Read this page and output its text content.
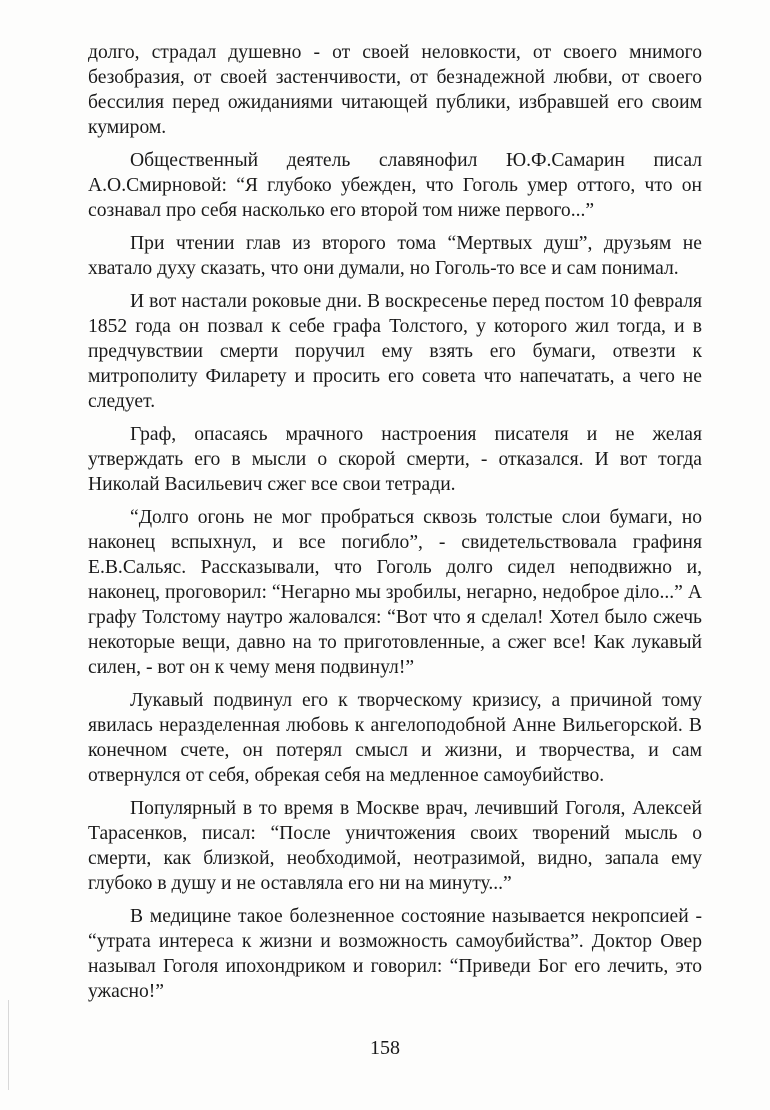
долго, страдал душевно - от своей неловкости, от своего мнимого безобразия, от своей застенчивости, от безнадежной любви, от своего бессилия перед ожиданиями читающей публики, избравшей его своим кумиром.

Общественный деятель славянофил Ю.Ф.Самарин писал А.О.Смирновой: “Я глубоко убежден, что Гоголь умер оттого, что он сознавал про себя насколько его второй том ниже первого...”

При чтении глав из второго тома “Мертвых душ”, друзьям не хватало духу сказать, что они думали, но Гоголь-то все и сам понимал.

И вот настали роковые дни. В воскресенье перед постом 10 февраля 1852 года он позвал к себе графа Толстого, у которого жил тогда, и в предчувствии смерти поручил ему взять его бумаги, отвезти к митрополиту Филарету и просить его совета что напечатать, а чего не следует.

Граф, опасаясь мрачного настроения писателя и не желая утверждать его в мысли о скорой смерти, - отказался. И вот тогда Николай Васильевич сжег все свои тетради.

“Долго огонь не мог пробраться сквозь толстые слои бумаги, но наконец вспыхнул, и все погибло”, - свидетельствовала графиня Е.В.Сальяс. Рассказывали, что Гоголь долго сидел неподвижно и, наконец, проговорил: “Негарно мы зробилы, негарно, недоброе діло...” А графу Толстому наутро жаловался: “Вот что я сделал! Хотел было сжечь некоторые вещи, давно на то приготовленные, а сжег все! Как лукавый силен, - вот он к чему меня подвинул!”

Лукавый подвинул его к творческому кризису, а причиной тому явилась неразделенная любовь к ангелоподобной Анне Вильегорской. В конечном счете, он потерял смысл и жизни, и творчества, и сам отвернулся от себя, обрекая себя на медленное самоубийство.

Популярный в то время в Москве врач, лечивший Гоголя, Алексей Тарасенков, писал: “После уничтожения своих творений мысль о смерти, как близкой, необходимой, неотразимой, видно, запала ему глубоко в душу и не оставляла его ни на минуту...”

В медицине такое болезненное состояние называется некропсией - “утрата интереса к жизни и возможность самоубийства”. Доктор Овер называл Гоголя ипохондриком и говорил: “Приведи Бог его лечить, это ужасно!”

158
